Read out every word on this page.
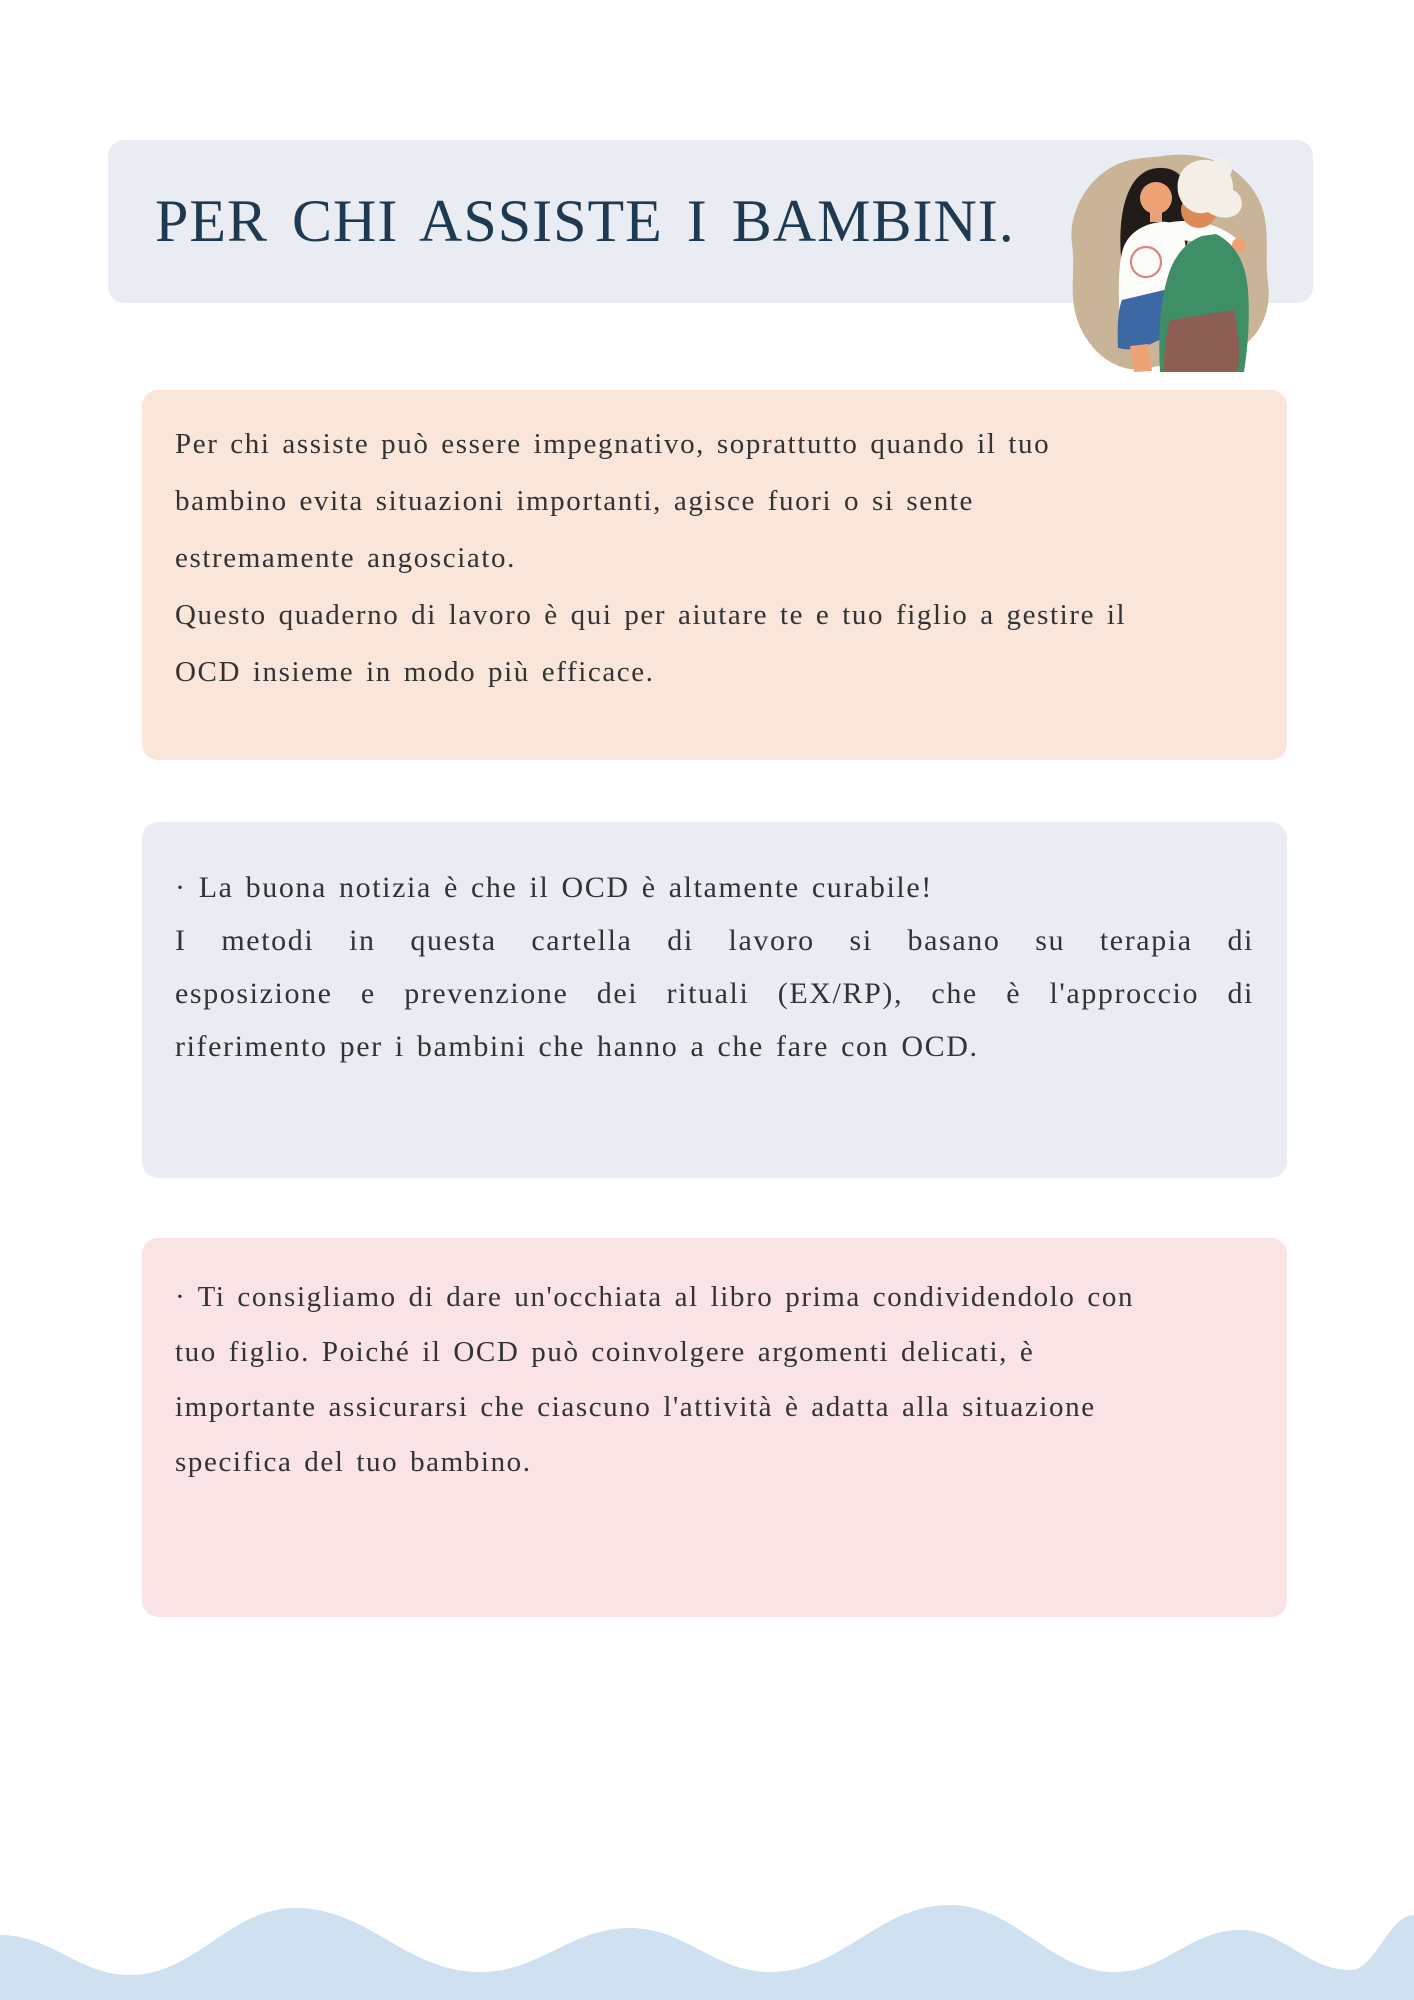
PER CHI ASSISTE I BAMBINI.
Per chi assiste può essere impegnativo, soprattutto quando il tuo
bambino evita situazioni importanti, agisce fuori o si sente
estremamente angosciato.
Questo quaderno di lavoro è qui per aiutare te e tuo figlio a gestire il
OCD insieme in modo più efficace.
· La buona notizia è che il OCD è altamente curabile!
I metodi in questa cartella di lavoro si basano su terapia di
esposizione e prevenzione dei rituali (EX/RP), che è l'approccio di
riferimento per i bambini che hanno a che fare con OCD.
· Ti consigliamo di dare un'occhiata al libro prima condividendolo con
tuo figlio. Poiché il OCD può coinvolgere argomenti delicati, è
importante assicurarsi che ciascuno l'attività è adatta alla situazione
specifica del tuo bambino.
